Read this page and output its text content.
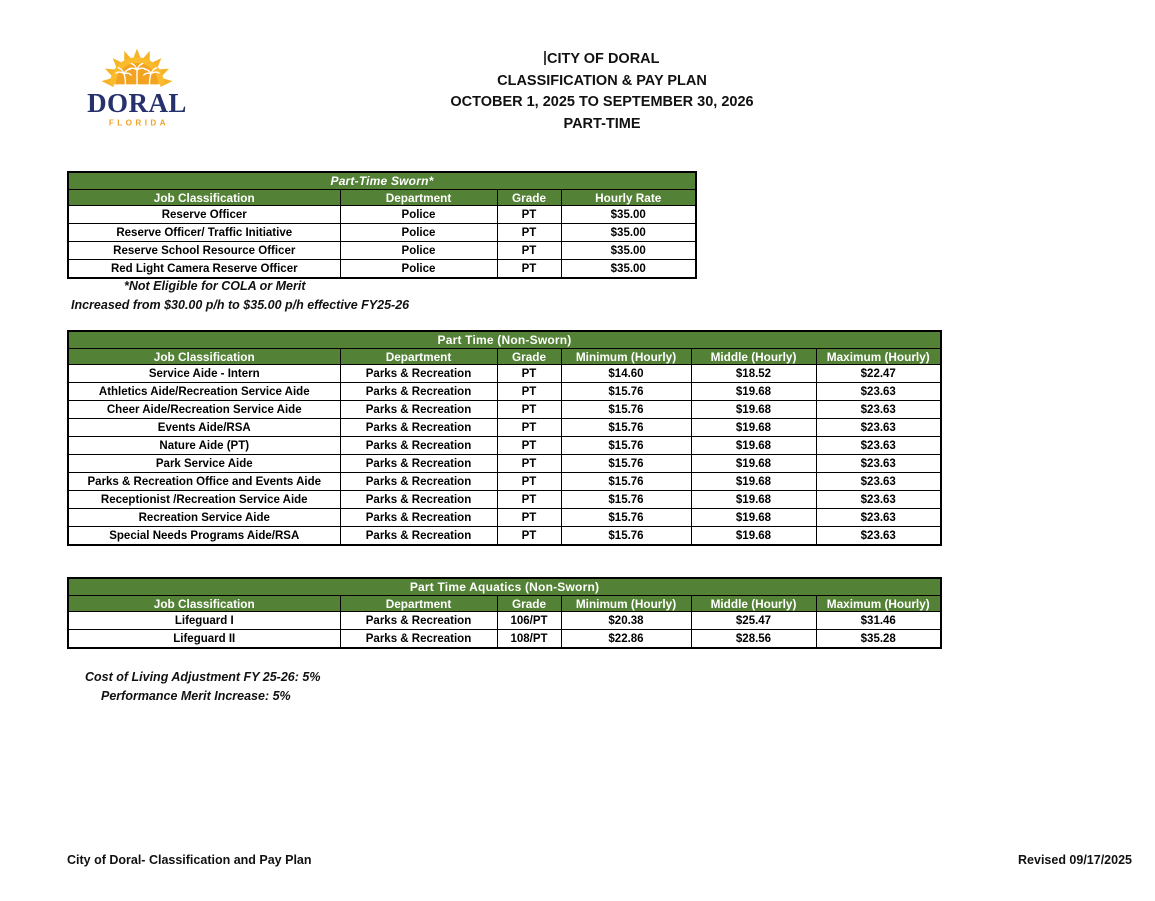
DORAL
FLORIDA
CITY OF DORAL
CLASSIFICATION & PAY PLAN
OCTOBER 1, 2025 TO SEPTEMBER 30, 2026
PART-TIME
Part-Time Sworn*			
Job Classification	Department	Grade	Hourly Rate
Reserve Officer	Police	PT	$35.00
Reserve Officer/ Traffic Initiative	Police	PT	$35.00
Reserve School Resource Officer	Police	PT	$35.00
Red Light Camera Reserve Officer	Police	PT	$35.00
*Not Eligible for COLA or Merit
Increased from $30.00 p/h to $35.00 p/h effective FY25-26
Part Time (Non-Sworn)					
Job Classification	Department	Grade	Minimum (Hourly)	Middle (Hourly)	Maximum (Hourly)
Service Aide - Intern	Parks & Recreation	PT	$14.60	$18.52	$22.47
Athletics Aide/Recreation Service Aide	Parks & Recreation	PT	$15.76	$19.68	$23.63
Cheer Aide/Recreation Service Aide	Parks & Recreation	PT	$15.76	$19.68	$23.63
Events Aide/RSA	Parks & Recreation	PT	$15.76	$19.68	$23.63
Nature Aide (PT)	Parks & Recreation	PT	$15.76	$19.68	$23.63
Park Service Aide	Parks & Recreation	PT	$15.76	$19.68	$23.63
Parks & Recreation Office and Events Aide	Parks & Recreation	PT	$15.76	$19.68	$23.63
Receptionist /Recreation Service Aide	Parks & Recreation	PT	$15.76	$19.68	$23.63
Recreation Service Aide	Parks & Recreation	PT	$15.76	$19.68	$23.63
Special Needs Programs Aide/RSA	Parks & Recreation	PT	$15.76	$19.68	$23.63
Part Time Aquatics (Non-Sworn)					
Job Classification	Department	Grade	Minimum (Hourly)	Middle (Hourly)	Maximum (Hourly)
Lifeguard I	Parks & Recreation	106/PT	$20.38	$25.47	$31.46
Lifeguard II	Parks & Recreation	108/PT	$22.86	$28.56	$35.28
Cost of Living Adjustment FY 25-26: 5%
Performance Merit Increase: 5%
City of Doral- Classification and Pay Plan	Revised 09/17/2025
